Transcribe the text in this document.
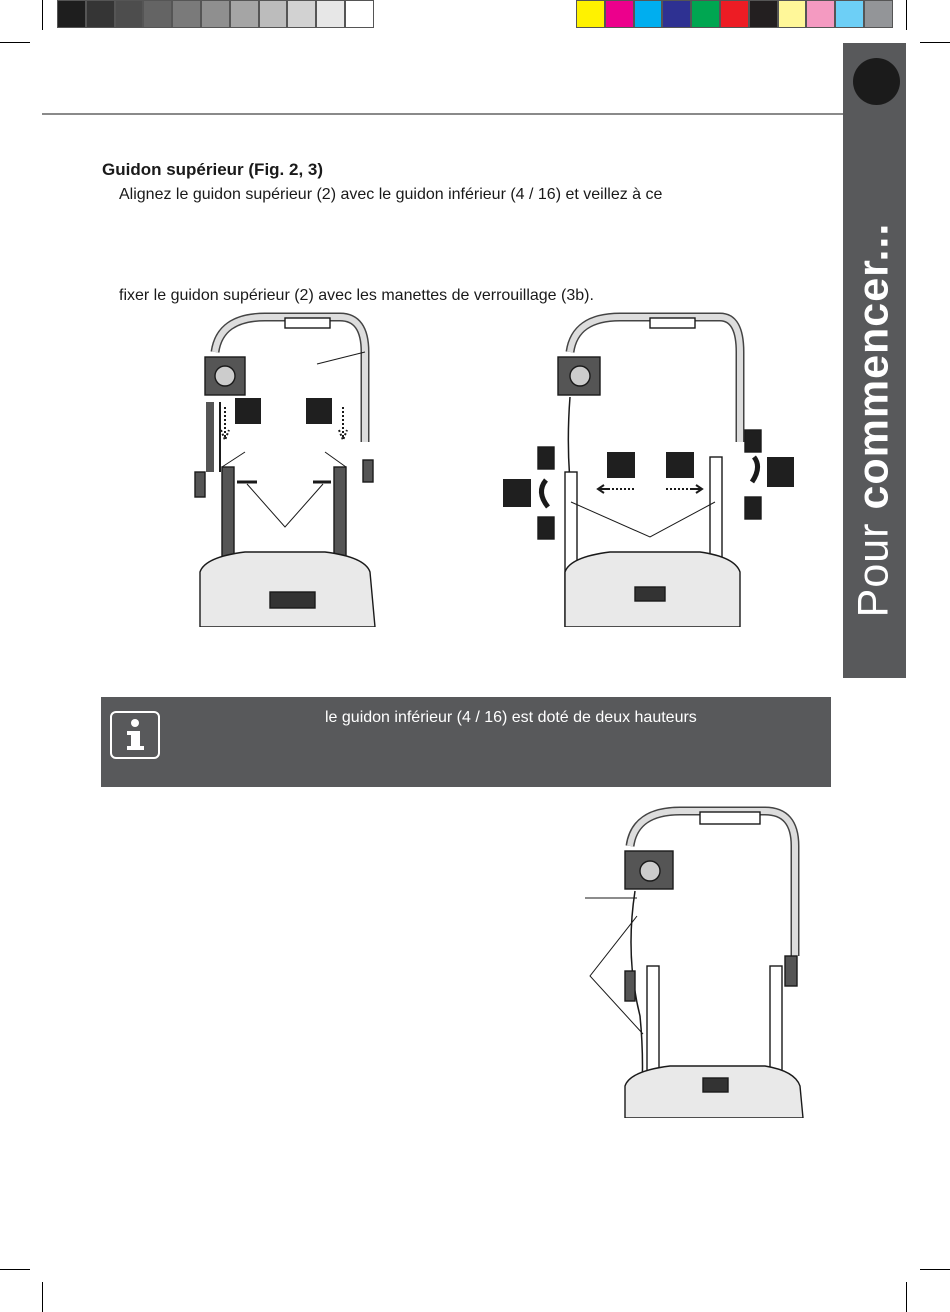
Pour commencer...
Guidon supérieur (Fig. 2, 3)
Alignez le guidon supérieur (2) avec le guidon inférieur (4 / 16) et veillez à ce
fixer le guidon supérieur (2) avec les manettes de verrouillage (3b).
le guidon inférieur (4 / 16) est doté de deux hauteurs
